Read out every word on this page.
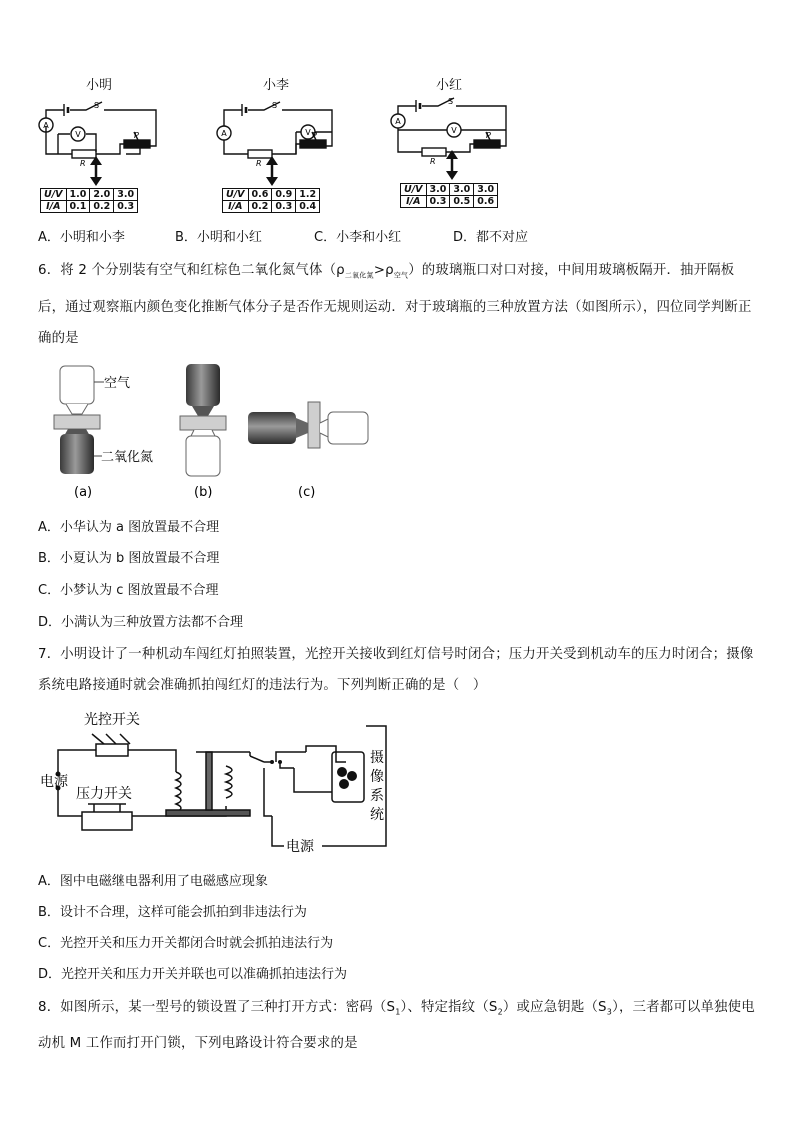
小明
A
V
S
R
P
U/V	1.0	2.0	3.0
I/A	0.1	0.2	0.3
小李
A	V
S
R
P
U/V	0.6	0.9	1.2
I/A	0.2	0.3	0.4
小红
A
V
S
R
P
U/V	3.0	3.0	3.0
I/A	0.3	0.5	0.6
A．小明和小李	B．小明和小红	C．小李和小红	D．都不对应
6．将 2 个分别装有空气和红棕色二氧化氮气体$(\rho_{二氧化氮}>\rho_{空气})$的玻璃瓶口对口对接，中间用玻璃板隔开．抽开隔板后，通过观察瓶内颜色变化推断气体分子是否作无规则运动．对于玻璃瓶的三种放置方法（如图所示），四位同学判断正确的是
空气
二氧化氮
(a)	(b)	(c)
A．小华认为 a 图放置最不合理
B．小夏认为 b 图放置最不合理
C．小梦认为 c 图放置最不合理
D．小满认为三种放置方法都不合理
7．小明设计了一种机动车闯红灯拍照装置，光控开关接收到红灯信号时闭合；压力开关受到机动车的压力时闭合；摄像系统电路接通时就会准确抓拍闯红灯的违法行为。下列判断正确的是（　）
光控开关
电源
压力开关
电源
摄
像
系
统
A．图中电磁继电器利用了电磁感应现象
B．设计不合理，这样可能会抓拍到非违法行为
C．光控开关和压力开关都闭合时就会抓拍违法行为
D．光控开关和压力开关并联也可以准确抓拍违法行为
8．如图所示，某一型号的锁设置了三种打开方式：密码$(S_1)$、特定指纹$(S_2)$或应急钥匙$(S_3)$，三者都可以单独使电动机 M 工作而打开门锁，下列电路设计符合要求的是
